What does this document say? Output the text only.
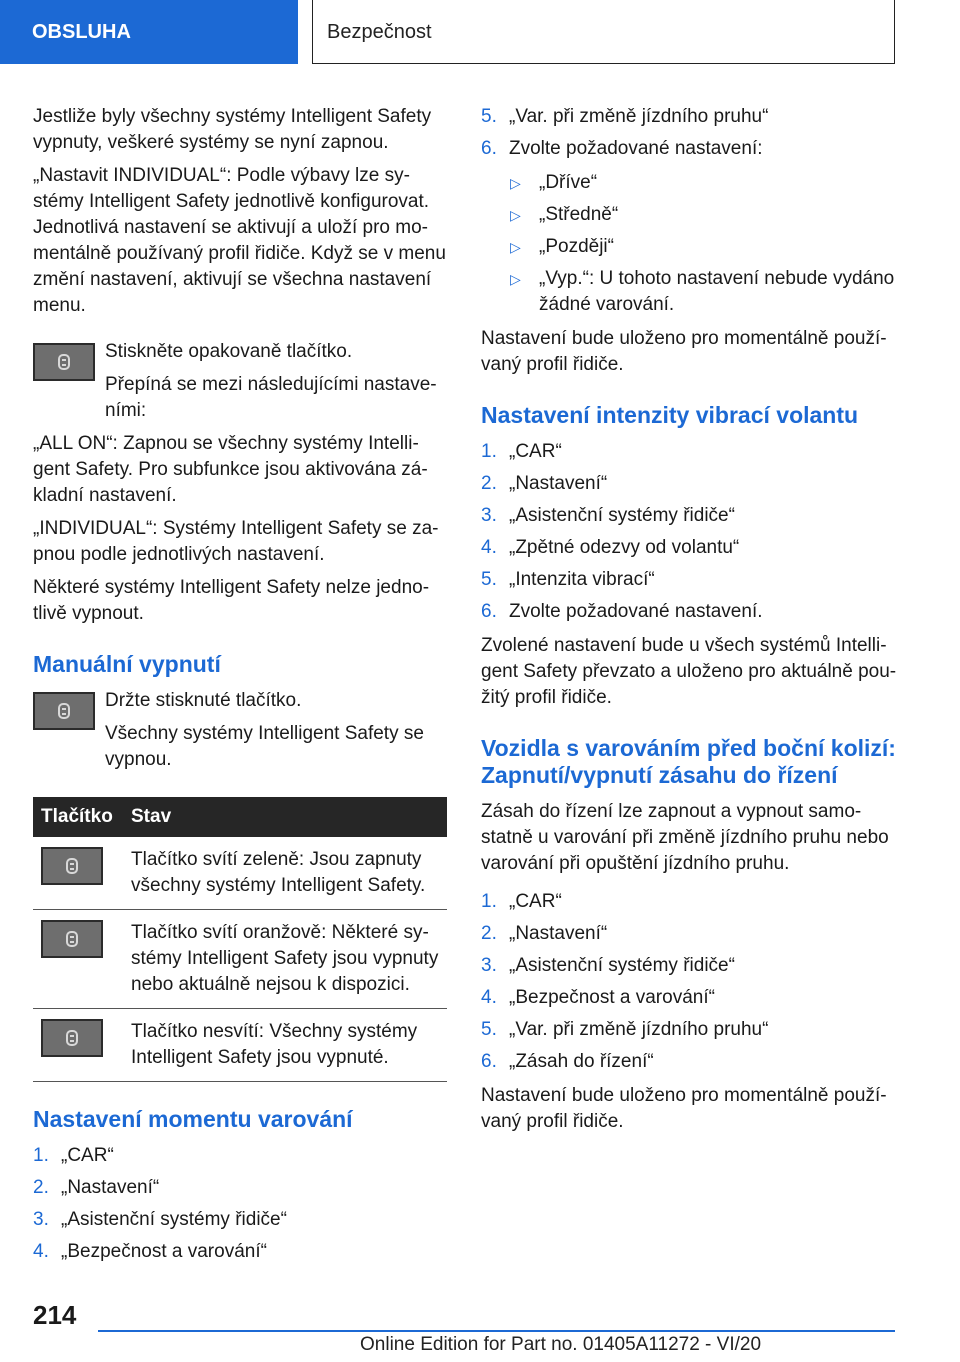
OBSLUHA	Bezpečnost

Jestliže byly všechny systémy Intelligent Safety vypnuty, veškeré systémy se nyní zapnou.

„Nastavit INDIVIDUAL“: Podle výbavy lze systémy Intelligent Safety jednotlivě konfigurovat. Jednotlivá nastavení se aktivují a uloží pro momentálně používaný profil řidiče. Když se v menu změní nastavení, aktivují se všechna nastavení menu.

Stiskněte opakovaně tlačítko.

Přepíná se mezi následujícími nastaveními:

„ALL ON“: Zapnou se všechny systémy Intelligent Safety. Pro subfunkce jsou aktivována základní nastavení.

„INDIVIDUAL“: Systémy Intelligent Safety se zapnou podle jednotlivých nastavení.

Některé systémy Intelligent Safety nelze jednotlivě vypnout.

Manuální vypnutí

Držte stisknuté tlačítko.

Všechny systémy Intelligent Safety se vypnou.

Tlačítko	Stav

	Tlačítko svítí zeleně: Jsou zapnuty všechny systémy Intelligent Safety.

	Tlačítko svítí oranžově: Některé systémy Intelligent Safety jsou vypnuty nebo aktuálně nejsou k dispozici.

	Tlačítko nesvítí: Všechny systémy Intelligent Safety jsou vypnuté.
Nastavení momentu varování
1. „CAR“
2. „Nastavení“
3. „Asistenční systémy řidiče“
4. „Bezpečnost a varování“
5. „Var. při změně jízdního pruhu“
6. Zvolte požadované nastavení:
▷ „Dříve“
▷ „Středně“
▷ „Později“
▷ „Vyp.“: U tohoto nastavení nebude vydáno žádné varování.

Nastavení bude uloženo pro momentálně používaný profil řidiče.

Nastavení intenzity vibrací volantu
1. „CAR“
2. „Nastavení“
3. „Asistenční systémy řidiče“
4. „Zpětné odezvy od volantu“
5. „Intenzita vibrací“
6. Zvolte požadované nastavení.

Zvolené nastavení bude u všech systémů Intelligent Safety převzato a uloženo pro aktuálně použitý profil řidiče.

Vozidla s varováním před boční kolizí: Zapnutí/vypnutí zásahu do řízení

Zásah do řízení lze zapnout a vypnout samostatně u varování při změně jízdního pruhu nebo varování při opuštění jízdního pruhu.

1. „CAR“
2. „Nastavení“
3. „Asistenční systémy řidiče“
4. „Bezpečnost a varování“
5. „Var. při změně jízdního pruhu“
6. „Zásah do řízení“

Nastavení bude uloženo pro momentálně používaný profil řidiče.

214
Online Edition for Part no. 01405A11272 - VI/20
